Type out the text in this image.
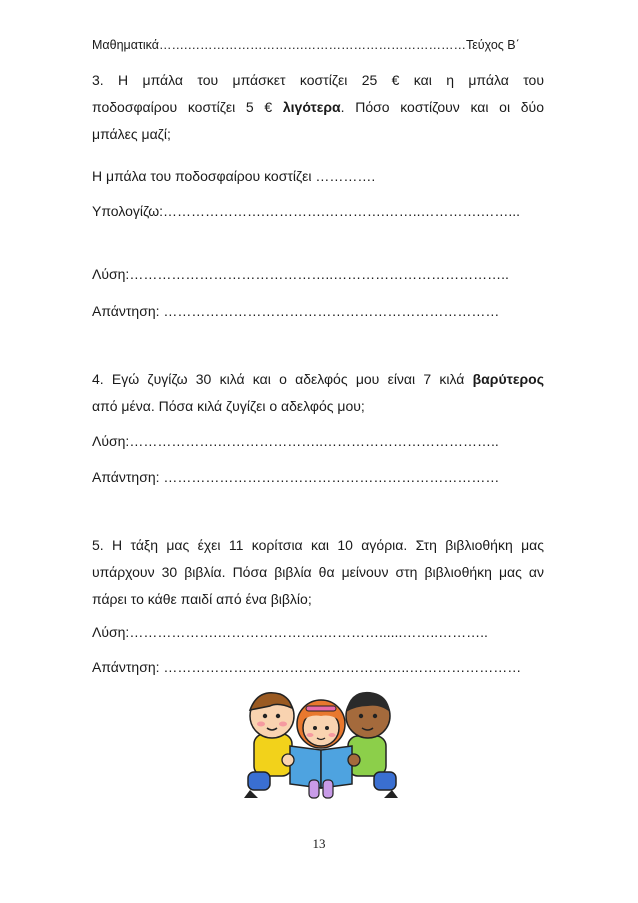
Μαθηματικά…….……………………….…………………………………Τεύχος Β΄

3. Η μπάλα του μπάσκετ κοστίζει 25 € και η μπάλα του

ποδοσφαίρου κοστίζει 5 € λιγότερα. Πόσο κοστίζουν και οι δύο

μπάλες μαζί;

Η μπάλα του ποδοσφαίρου κοστίζει ………….

Υπολογίζω:………………….………….………….……..………….……...

Λύση:……………………………………..………………………………..

Απάντηση: ………………………………………………………………

4. Εγώ ζυγίζω 30 κιλά και ο αδελφός μου είναι 7 κιλά βαρύτερος

από μένα. Πόσα κιλά ζυγίζει ο αδελφός μου;

Λύση:……………….…………………..………………………………..

Απάντηση: ………………………………………………………………

5. Η τάξη μας έχει 11 κορίτσια και 10 αγόρια. Στη βιβλιοθήκη μας

υπάρχουν 30 βιβλία. Πόσα βιβλία θα μείνουν στη βιβλιοθήκη μας αν

πάρει το κάθε παιδί από ένα βιβλίο;

Λύση:……………….…………………..…………......……..………..

Απάντηση: ……………………………………………..……………………

13
